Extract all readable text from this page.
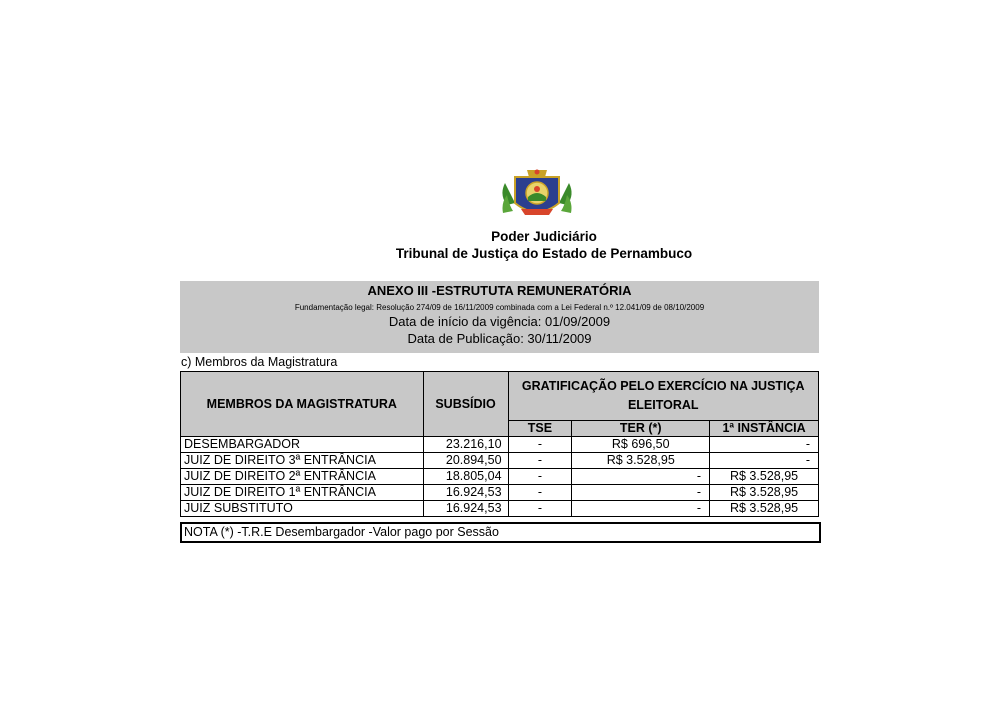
Poder Judiciário
Tribunal de Justiça do Estado de Pernambuco
ANEXO III -ESTRUTUTA REMUNERATÓRIA
Fundamentação legal: Resolução 274/09 de 16/11/2009 combinada com a Lei Federal n.º 12.041/09 de 08/10/2009
Data de início da vigência: 01/09/2009
Data de Publicação: 30/11/2009
c) Membros da Magistratura
MEMBROS DA MAGISTRATURA	SUBSÍDIO	GRATIFICAÇÃO PELO EXERCÍCIO NA JUSTIÇA ELEITORAL		
		TSE	TER (*)	1ª INSTÂNCIA
DESEMBARGADOR	23.216,10	-	R$ 696,50	-
JUIZ DE DIREITO 3ª ENTRÂNCIA	20.894,50	-	R$ 3.528,95	-
JUIZ DE DIREITO 2ª ENTRÂNCIA	18.805,04	-	-	R$ 3.528,95
JUIZ DE DIREITO 1ª ENTRÂNCIA	16.924,53	-	-	R$ 3.528,95
JUIZ SUBSTITUTO	16.924,53	-	-	R$ 3.528,95
NOTA (*) -T.R.E Desembargador -Valor pago por Sessão
